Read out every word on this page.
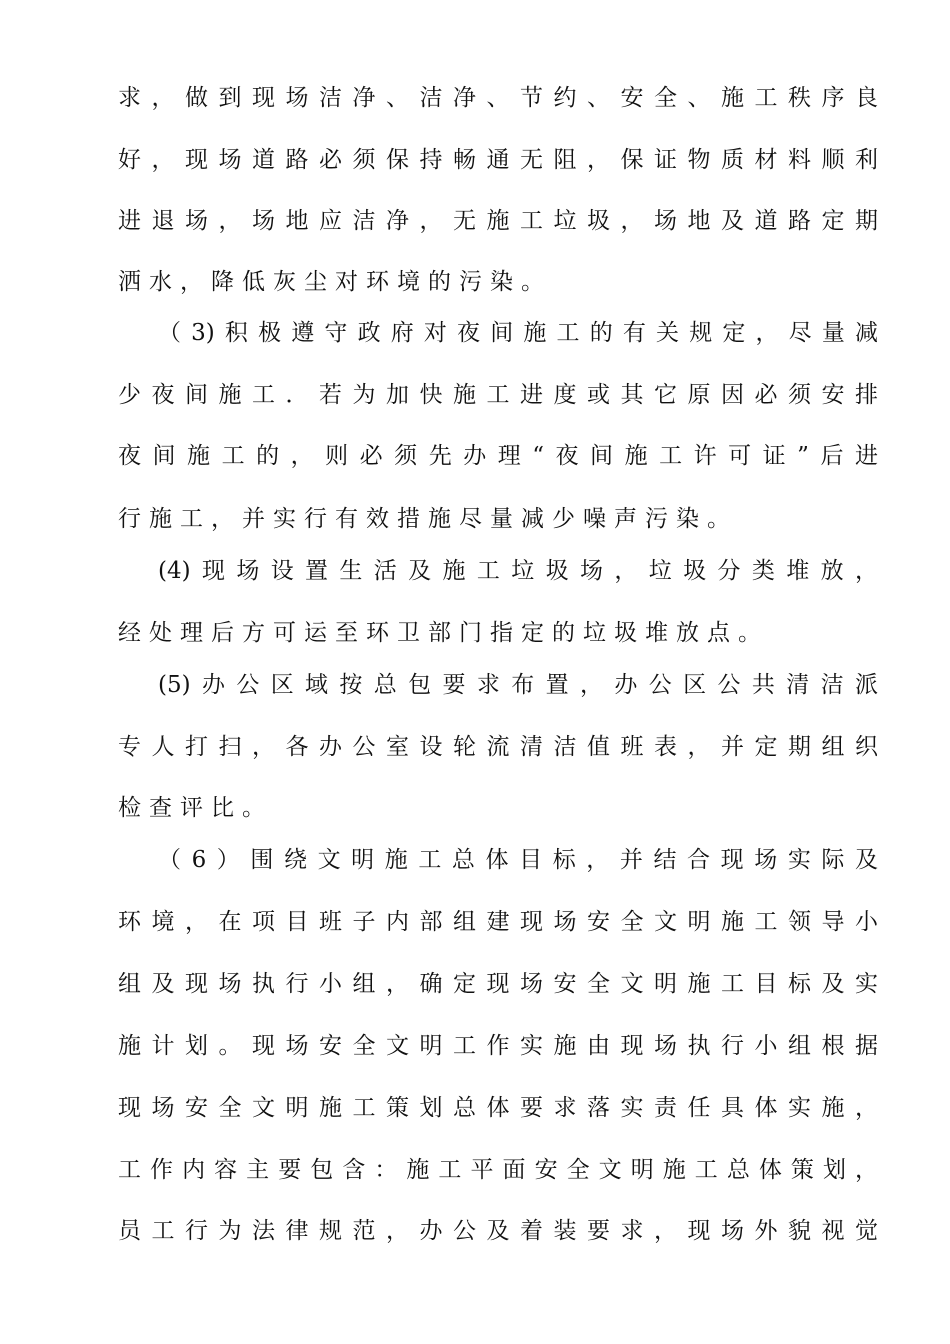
求，做到现场洁净、洁净、节约、安全、施工秩序良
好，现场道路必须保持畅通无阻，保证物质材料顺利
进退场，场地应洁净，无施工垃圾，场地及道路定期
洒水，降低灰尘对环境的污染。
（3)积极遵守政府对夜间施工的有关规定，尽量减
少夜间施工．若为加快施工进度或其它原因必须安排
夜间施工的，则必须先办理“夜间施工许可证”后进
行施工，并实行有效措施尽量减少噪声污染。
(4)现场设置生活及施工垃圾场，垃圾分类堆放，
经处理后方可运至环卫部门指定的垃圾堆放点。
(5)办公区域按总包要求布置，办公区公共清洁派
专人打扫，各办公室设轮流清洁值班表，并定期组织
检查评比。
（6）围绕文明施工总体目标，并结合现场实际及
环境，在项目班子内部组建现场安全文明施工领导小
组及现场执行小组，确定现场安全文明施工目标及实
施计划。现场安全文明工作实施由现场执行小组根据
现场安全文明施工策划总体要求落实责任具体实施，
工作内容主要包含：施工平面安全文明施工总体策划，
员工行为法律规范，办公及着装要求，现场外貌视觉
